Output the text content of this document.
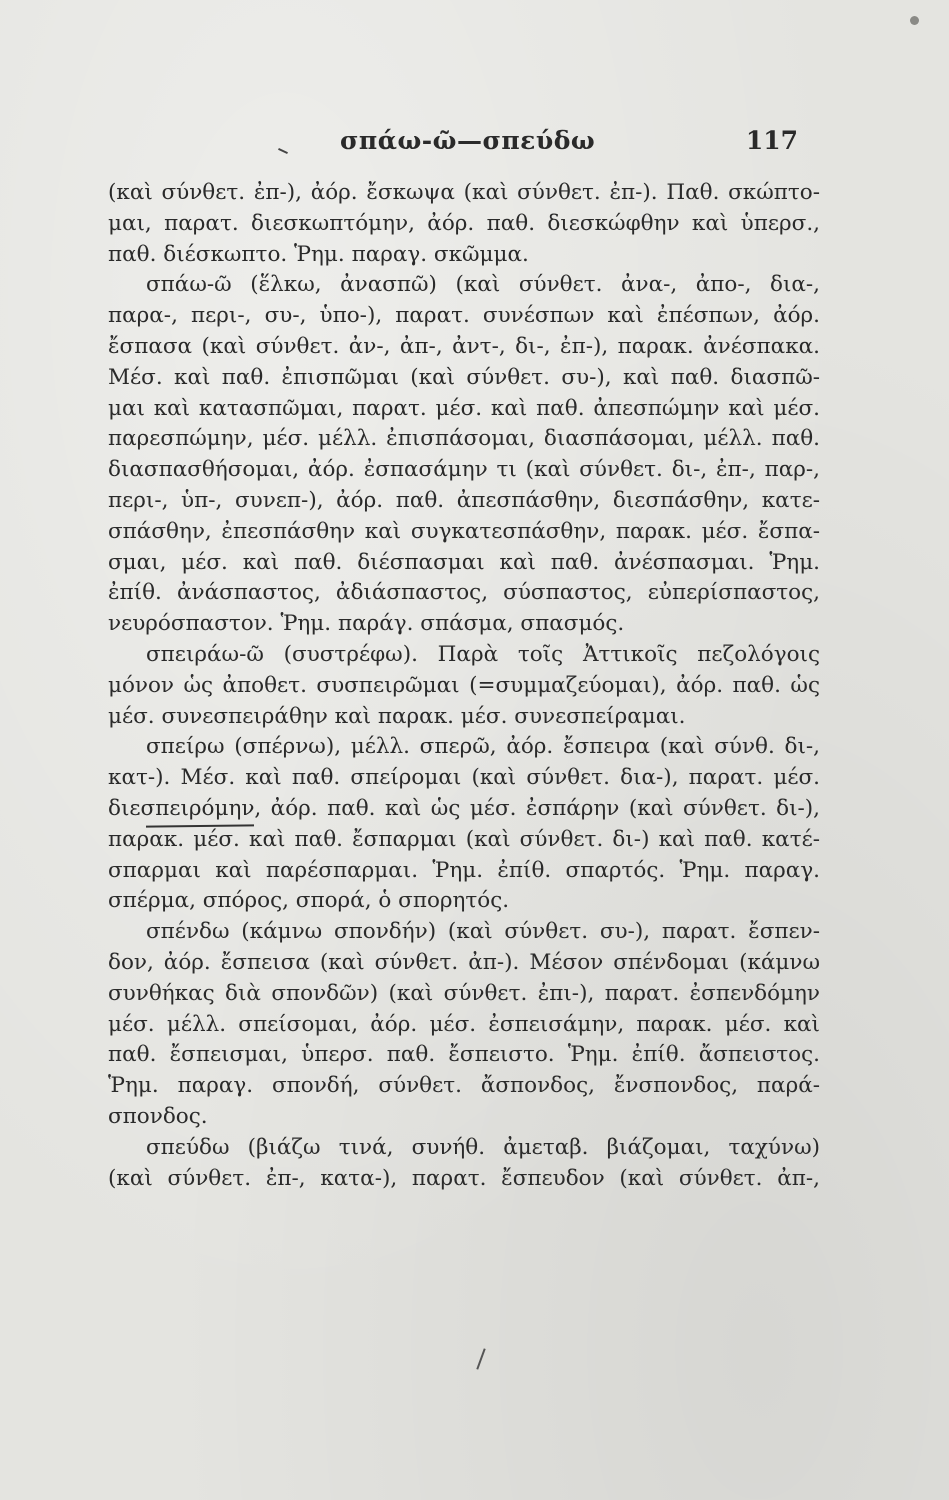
σπάω-ῶ—σπεύδω	117
(καὶ σύνθετ. ἐπ-), ἀόρ. ἔσκωψα (καὶ σύνθετ. ἐπ-). Παθ. σκώπτο-
μαι, παρατ. διεσκωπτόμην, ἀόρ. παθ. διεσκώφθην καὶ ὑπερσ.,
παθ. διέσκωπτο. Ῥημ. παραγ. σκῶμμα.
σπάω-ῶ (ἕλκω, ἀνασπῶ) (καὶ σύνθετ. ἀνα-, ἀπο-, δια-,
παρα-, περι-, συ-, ὑπο-), παρατ. συνέσπων καὶ ἐπέσπων, ἀόρ.
ἔσπασα (καὶ σύνθετ. ἀν-, ἀπ-, ἀντ-, δι-, ἐπ-), παρακ. ἀνέσπακα.
Μέσ. καὶ παθ. ἐπισπῶμαι (καὶ σύνθετ. συ-), καὶ παθ. διασπῶ-
μαι καὶ κατασπῶμαι, παρατ. μέσ. καὶ παθ. ἀπεσπώμην καὶ μέσ.
παρεσπώμην, μέσ. μέλλ. ἐπισπάσομαι, διασπάσομαι, μέλλ. παθ.
διασπασθήσομαι, ἀόρ. ἐσπασάμην τι (καὶ σύνθετ. δι-, ἐπ-, παρ-,
περι-, ὑπ-, συνεπ-), ἀόρ. παθ. ἀπεσπάσθην, διεσπάσθην, κατε-
σπάσθην, ἐπεσπάσθην καὶ συγκατεσπάσθην, παρακ. μέσ. ἔσπα-
σμαι, μέσ. καὶ παθ. διέσπασμαι καὶ παθ. ἀνέσπασμαι. Ῥημ.
ἐπίθ. ἀνάσπαστος, ἀδιάσπαστος, σύσπαστος, εὐπερίσπαστος,
νευρόσπαστον. Ῥημ. παράγ. σπάσμα, σπασμός.
σπειράω-ῶ (συστρέφω). Παρὰ τοῖς Ἀττικοῖς πεζολόγοις
μόνον ὡς ἀποθετ. συσπειρῶμαι (=συμμαζεύομαι), ἀόρ. παθ. ὡς
μέσ. συνεσπειράθην καὶ παρακ. μέσ. συνεσπείραμαι.
σπείρω (σπέρνω), μέλλ. σπερῶ, ἀόρ. ἔσπειρα (καὶ σύνθ. δι-,
κατ-). Μέσ. καὶ παθ. σπείρομαι (καὶ σύνθετ. δια-), παρατ. μέσ.
διεσπειρόμην, ἀόρ. παθ. καὶ ὡς μέσ. ἐσπάρην (καὶ σύνθετ. δι-),
παρακ. μέσ. καὶ παθ. ἔσπαρμαι (καὶ σύνθετ. δι-) καὶ παθ. κατέ-
σπαρμαι καὶ παρέσπαρμαι. Ῥημ. ἐπίθ. σπαρτός. Ῥημ. παραγ.
σπέρμα, σπόρος, σπορά, ὁ σπορητός.
σπένδω (κάμνω σπονδήν) (καὶ σύνθετ. συ-), παρατ. ἔσπεν-
δον, ἀόρ. ἔσπεισα (καὶ σύνθετ. ἀπ-). Μέσον σπένδομαι (κάμνω
συνθήκας διὰ σπονδῶν) (καὶ σύνθετ. ἐπι-), παρατ. ἐσπενδόμην
μέσ. μέλλ. σπείσομαι, ἀόρ. μέσ. ἐσπεισάμην, παρακ. μέσ. καὶ
παθ. ἔσπεισμαι, ὑπερσ. παθ. ἔσπειστο. Ῥημ. ἐπίθ. ἄσπειστος.
Ῥημ. παραγ. σπονδή, σύνθετ. ἄσπονδος, ἔνσπονδος, παρά-
σπονδος.
σπεύδω (βιάζω τινά, συνήθ. ἀμεταβ. βιάζομαι, ταχύνω)
(καὶ σύνθετ. ἐπ-, κατα-), παρατ. ἔσπευδον (καὶ σύνθετ. ἀπ-,
